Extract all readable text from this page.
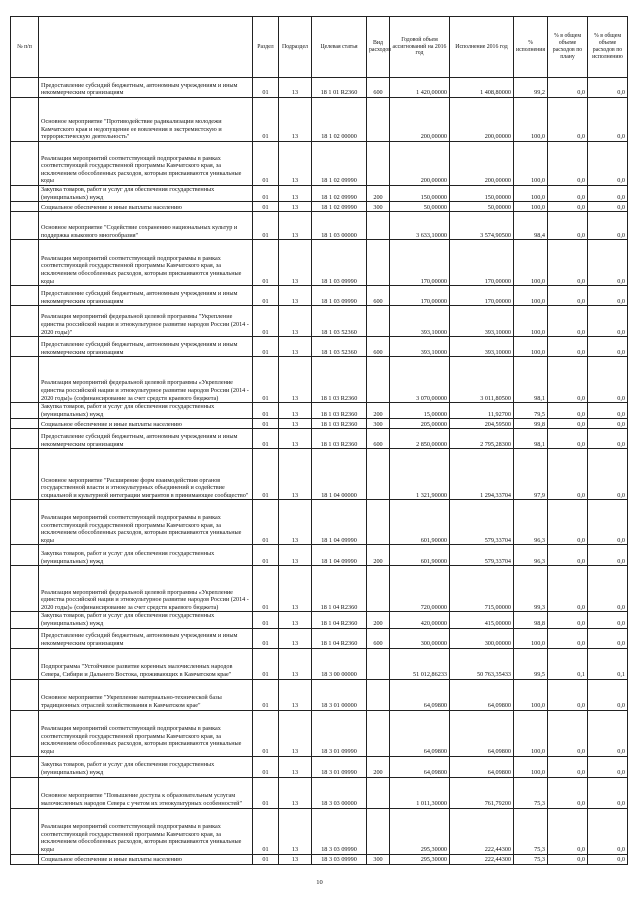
№ п/п		Раздел	Подраздел	Целевая статья	Вид расходов	Годовой объем ассигнований на 2016 год	Исполнение 2016 год	% исполнения	% в общем объеме расходов по плану	% в общем объеме расходов по исполнению
	Предоставление субсидий бюджетным, автономным учреждениям и иным некоммерческим организациям	01	13	18 1 01 R2360	600	1 420,00000	1 408,80000	99,2	0,0	0,0
	Основное мероприятие "Противодействие радикализации молодежи Камчатского края и недопущение ее вовлечения в экстремистскую и террористическую деятельность"	01	13	18 1 02 00000		200,00000	200,00000	100,0	0,0	0,0
	Реализация мероприятий соответствующей подпрограммы в рамках соответствующей государственной программы Камчатского края, за исключением обособленных расходов, которым присваиваются уникальные коды	01	13	18 1 02 09990		200,00000	200,00000	100,0	0,0	0,0
	Закупка товаров, работ и услуг для обеспечения государственных (муниципальных) нужд	01	13	18 1 02 09990	200	150,00000	150,00000	100,0	0,0	0,0
	Социальное обеспечение и иные выплаты населению	01	13	18 1 02 09990	300	50,00000	50,00000	100,0	0,0	0,0
	Основное мероприятие "Содействие сохранению национальных культур и поддержка языкового многообразия"	01	13	18 1 03 00000		3 633,10000	3 574,90500	98,4	0,0	0,0
	Реализация мероприятий соответствующей подпрограммы в рамках соответствующей государственной программы Камчатского края, за исключением обособленных расходов, которым присваиваются уникальные коды	01	13	18 1 03 09990		170,00000	170,00000	100,0	0,0	0,0
	Предоставление субсидий бюджетным, автономным учреждениям и иным некоммерческим организациям	01	13	18 1 03 09990	600	170,00000	170,00000	100,0	0,0	0,0
	Реализация мероприятий федеральной целевой программы "Укрепление единства российской нации и этнокультурное развитие народов России (2014 - 2020 годы)"	01	13	18 1 03 52360		393,10000	393,10000	100,0	0,0	0,0
	Предоставление субсидий бюджетным, автономным учреждениям и иным некоммерческим организациям	01	13	18 1 03 52360	600	393,10000	393,10000	100,0	0,0	0,0
	Реализация мероприятий федеральной целевой программы «Укрепление единства российской нации и этнокультурное развитие народов России (2014 - 2020 годы)» (софинансирование за счет средств краевого бюджета)	01	13	18 1 03 R2360		3 070,00000	3 011,80500	98,1	0,0	0,0
	Закупка товаров, работ и услуг для обеспечения государственных (муниципальных) нужд	01	13	18 1 03 R2360	200	15,00000	11,92700	79,5	0,0	0,0
	Социальное обеспечение и иные выплаты населению	01	13	18 1 03 R2360	300	205,00000	204,59500	99,8	0,0	0,0
	Предоставление субсидий бюджетным, автономным учреждениям и иным некоммерческим организациям	01	13	18 1 03 R2360	600	2 850,00000	2 795,28300	98,1	0,0	0,0
	Основное мероприятие "Расширение форм взаимодействия органов государственной власти и этнокультурных объединений и содействие социальной и культурной интеграции мигрантов в принимающее сообщество"	01	13	18 1 04 00000		1 321,90000	1 294,33704	97,9	0,0	0,0
	Реализация мероприятий соответствующей подпрограммы в рамках соответствующей государственной программы Камчатского края, за исключением обособленных расходов, которым присваиваются уникальные коды	01	13	18 1 04 09990		601,90000	579,33704	96,3	0,0	0,0
	Закупка товаров, работ и услуг для обеспечения государственных (муниципальных) нужд	01	13	18 1 04 09990	200	601,90000	579,33704	96,3	0,0	0,0
	Реализация мероприятий федеральной целевой программы «Укрепление единства российской нации и этнокультурное развитие народов России (2014 - 2020 годы)» (софинансирование за счет средств краевого бюджета)	01	13	18 1 04 R2360		720,00000	715,00000	99,3	0,0	0,0
	Закупка товаров, работ и услуг для обеспечения государственных (муниципальных) нужд	01	13	18 1 04 R2360	200	420,00000	415,00000	98,8	0,0	0,0
	Предоставление субсидий бюджетным, автономным учреждениям и иным некоммерческим организациям	01	13	18 1 04 R2360	600	300,00000	300,00000	100,0	0,0	0,0
	Подпрограмма "Устойчивое развитие коренных малочисленных народов Севера, Сибири и Дальнего Востока, проживающих в Камчатском крае"	01	13	18 3 00 00000		51 012,86233	50 763,35433	99,5	0,1	0,1
	Основное мероприятие "Укрепление материально-технической базы традиционных отраслей хозяйствования в Камчатском крае"	01	13	18 3 01 00000		64,09800	64,09800	100,0	0,0	0,0
	Реализация мероприятий соответствующей подпрограммы в рамках соответствующей государственной программы Камчатского края, за исключением обособленных расходов, которым присваиваются уникальные коды	01	13	18 3 01 09990		64,09800	64,09800	100,0	0,0	0,0
	Закупка товаров, работ и услуг для обеспечения государственных (муниципальных) нужд	01	13	18 3 01 09990	200	64,09800	64,09800	100,0	0,0	0,0
	Основное мероприятие "Повышение доступа к образовательным услугам малочисленных народов Севера с учетом их этнокультурных особенностей"	01	13	18 3 03 00000		1 011,30000	761,79200	75,3	0,0	0,0
	Реализация мероприятий соответствующей подпрограммы в рамках соответствующей государственной программы Камчатского края, за исключением обособленных расходов, которым присваиваются уникальные коды	01	13	18 3 03 09990		295,30000	222,44300	75,3	0,0	0,0
	Социальное обеспечение и иные выплаты населению	01	13	18 3 03 09990	300	295,30000	222,44300	75,3	0,0	0,0
10
